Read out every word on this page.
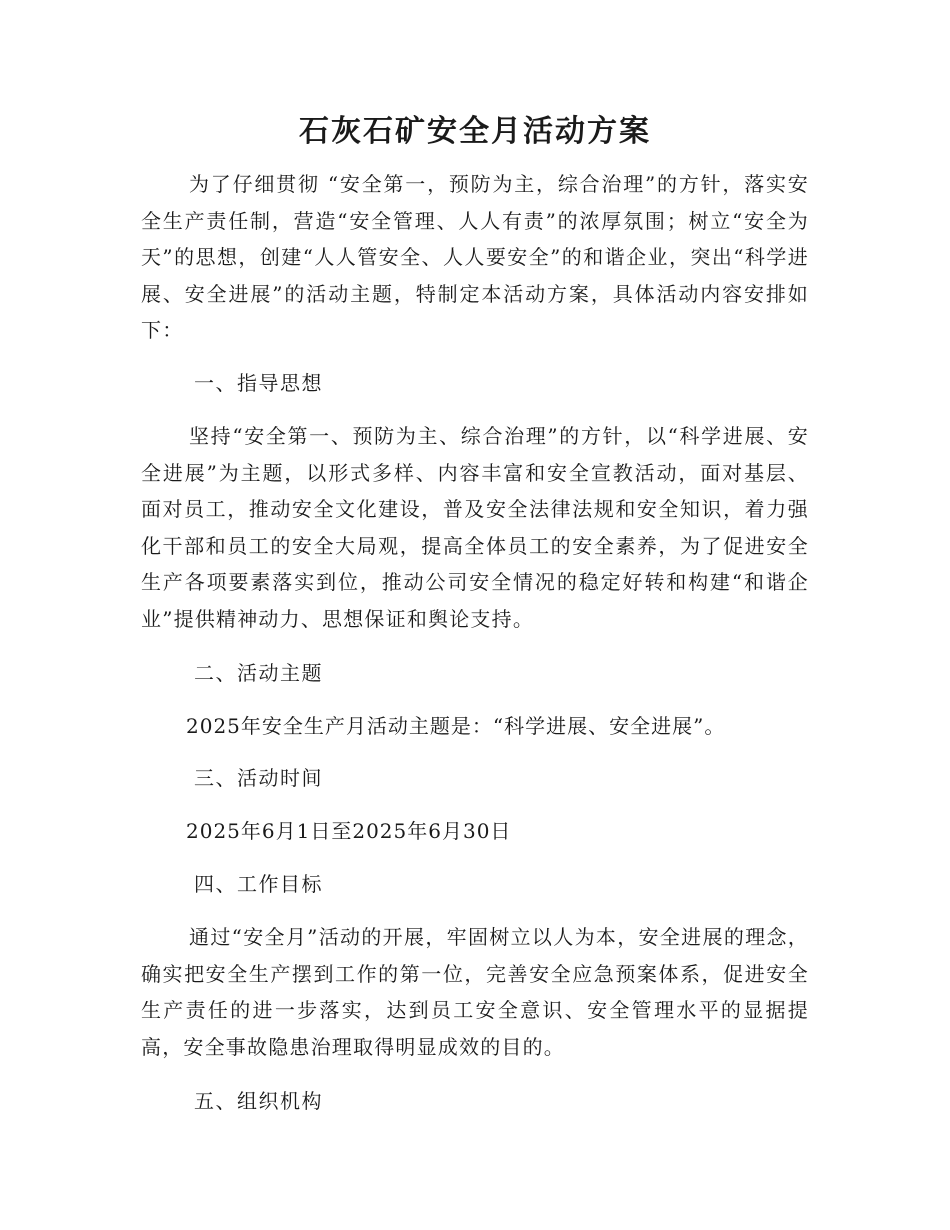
石灰石矿安全月活动方案

为了仔细贯彻 “安全第一，预防为主，综合治理”的方针，落实安全生产责任制，营造“安全管理、人人有责”的浓厚氛围；树立“安全为天”的思想，创建“人人管安全、人人要安全”的和谐企业，突出“科学进展、安全进展”的活动主题，特制定本活动方案，具体活动内容安排如下：

一、指导思想

坚持“安全第一、预防为主、综合治理”的方针，以“科学进展、安全进展”为主题，以形式多样、内容丰富和安全宣教活动，面对基层、面对员工，推动安全文化建设，普及安全法律法规和安全知识，着力强化干部和员工的安全大局观，提高全体员工的安全素养，为了促进安全生产各项要素落实到位，推动公司安全情况的稳定好转和构建“和谐企业”提供精神动力、思想保证和舆论支持。

二、活动主题

2025年安全生产月活动主题是：“科学进展、安全进展”。

三、活动时间

2025年6月1日至2025年6月30日

四、工作目标

通过“安全月”活动的开展，牢固树立以人为本，安全进展的理念，确实把安全生产摆到工作的第一位，完善安全应急预案体系，促进安全生产责任的进一步落实，达到员工安全意识、安全管理水平的显据提高，安全事故隐患治理取得明显成效的目的。

五、组织机构
